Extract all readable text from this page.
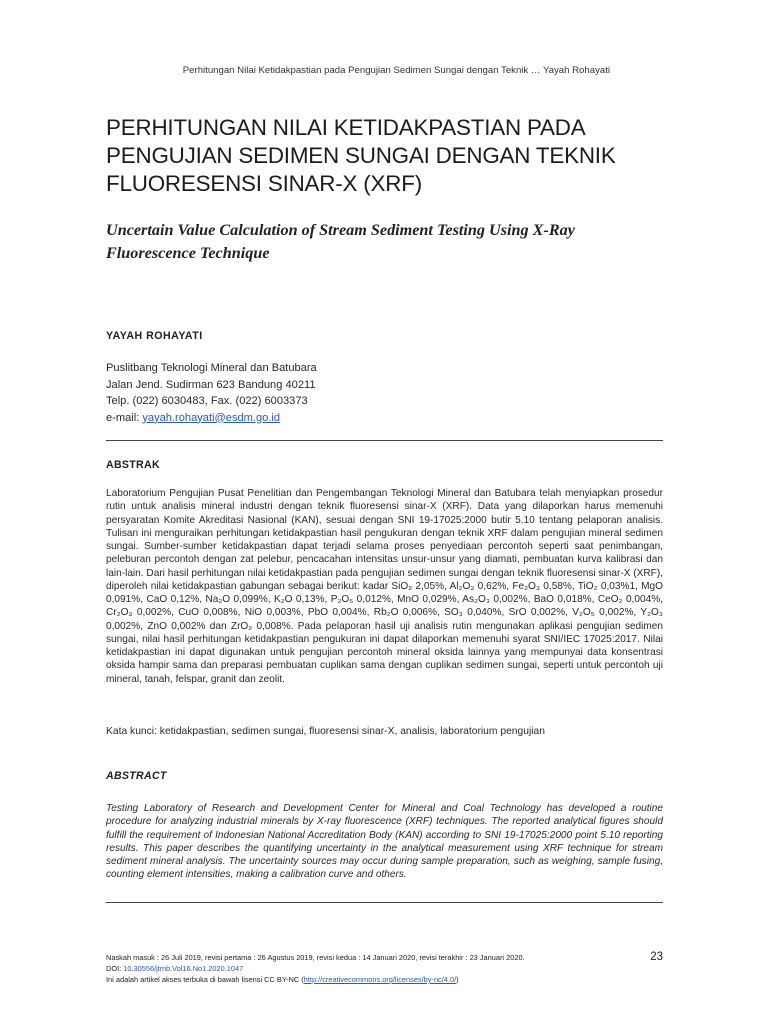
Perhitungan Nilai Ketidakpastian pada Pengujian Sedimen Sungai dengan Teknik … Yayah Rohayati
PERHITUNGAN NILAI KETIDAKPASTIAN PADA
PENGUJIAN SEDIMEN SUNGAI DENGAN TEKNIK
FLUORESENSI SINAR-X (XRF)
Uncertain Value Calculation of Stream Sediment Testing Using X-Ray
Fluorescence Technique
YAYAH ROHAYATI
Puslitbang Teknologi Mineral dan Batubara
Jalan Jend. Sudirman 623 Bandung 40211
Telp. (022) 6030483, Fax. (022) 6003373
e-mail: yayah.rohayati@esdm.go.id
ABSTRAK
Laboratorium Pengujian Pusat Penelitian dan Pengembangan Teknologi Mineral dan Batubara telah menyiapkan prosedur rutin untuk analisis mineral industri dengan teknik fluoresensi sinar-X (XRF). Data yang dilaporkan harus memenuhi persyaratan Komite Akreditasi Nasional (KAN), sesuai dengan SNI 19-17025:2000 butir 5.10 tentang pelaporan analisis. Tulisan ini menguraikan perhitungan ketidakpastian hasil pengukuran dengan teknik XRF dalam pengujian mineral sedimen sungai. Sumber-sumber ketidakpastian dapat terjadi selama proses penyediaan percontoh seperti saat penimbangan, peleburan percontoh dengan zat pelebur, pencacahan intensitas unsur-unsur yang diamati, pembuatan kurva kalibrasi dan lain-lain. Dari hasil perhitungan nilai ketidakpastian pada pengujian sedimen sungai dengan teknik fluoresensi sinar-X (XRF), diperoleh nilai ketidakpastian gabungan sebagai berikut: kadar SiO₂ 2,05%, Al₂O₃ 0,62%, Fe₂O₃ 0,58%, TiO₂ 0,03%1, MgO 0,091%, CaO 0,12%, Na₂O 0,099%, K₂O 0,13%, P₂O₅ 0,012%, MnO 0,029%, As₂O₃ 0,002%, BaO 0,018%, CeO₂ 0,004%, Cr₂O₃ 0,002%, CuO 0,008%, NiO 0,003%, PbO 0,004%, Rb₂O 0,006%, SO₃ 0,040%, SrO 0,002%, V₂O₅ 0,002%, Y₂O₃ 0,002%, ZnO 0,002% dan ZrO₂ 0,008%. Pada pelaporan hasil uji analisis rutin mengunakan aplikasi pengujian sedimen sungai, nilai hasil perhitungan ketidakpastian pengukuran ini dapat dilaporkan memenuhi syarat SNI/IEC 17025:2017. Nilai ketidakpastian ini dapat digunakan untuk pengujian percontoh mineral oksida lainnya yang mempunyai data konsentrasi oksida hampir sama dan preparasi pembuatan cuplikan sama dengan cuplikan sedimen sungai, seperti untuk percontoh uji mineral, tanah, felspar, granit dan zeolit.
Kata kunci: ketidakpastian, sedimen sungai, fluoresensi sinar-X, analisis, laboratorium pengujian
ABSTRACT
Testing Laboratory of Research and Development Center for Mineral and Coal Technology has developed a routine procedure for analyzing industrial minerals by X-ray fluorescence (XRF) techniques. The reported analytical figures should fulfill the requirement of Indonesian National Accreditation Body (KAN) according to SNI 19-17025:2000 point 5.10 reporting results. This paper describes the quantifying uncertainty in the analytical measurement using XRF technique for stream sediment mineral analysis. The uncertainty sources may occur during sample preparation, such as weighing, sample fusing, counting element intensities, making a calibration curve and others.
Naskah masuk : 26 Juli 2019, revisi pertama : 26 Agustus 2019, revisi kedua : 14 Januari 2020, revisi terakhir : 23 Januari 2020.
DOI: 10.30556/jtmb.Vol16.No1.2020.1047
Ini adalah artikel akses terbuka di bawah lisensi CC BY-NC (http://creativecommons.org/licenses/by-nc/4.0/)
23
